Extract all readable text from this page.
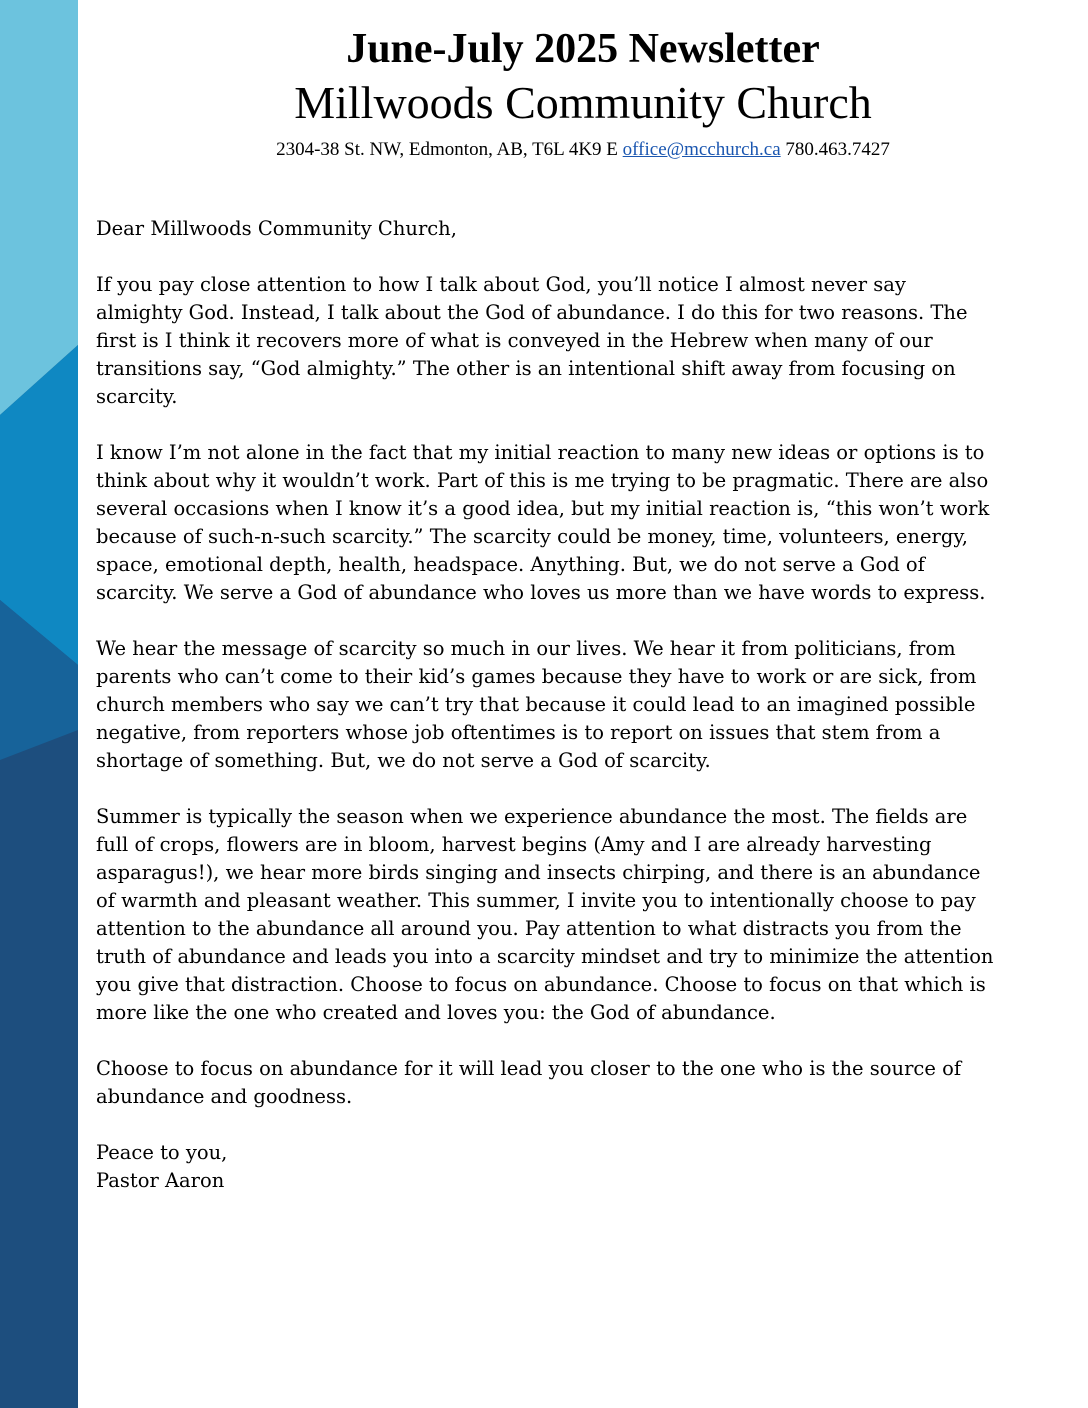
June-July 2025 Newsletter
Millwoods Community Church
2304-38 St. NW, Edmonton, AB, T6L 4K9 E office@mcchurch.ca 780.463.7427

Dear Millwoods Community Church,

If you pay close attention to how I talk about God, you’ll notice I almost never say almighty God. Instead, I talk about the God of abundance. I do this for two reasons. The first is I think it recovers more of what is conveyed in the Hebrew when many of our transitions say, “God almighty.” The other is an intentional shift away from focusing on scarcity.

I know I’m not alone in the fact that my initial reaction to many new ideas or options is to think about why it wouldn’t work. Part of this is me trying to be pragmatic. There are also several occasions when I know it’s a good idea, but my initial reaction is, “this won’t work because of such-n-such scarcity.” The scarcity could be money, time, volunteers, energy, space, emotional depth, health, headspace. Anything. But, we do not serve a God of scarcity. We serve a God of abundance who loves us more than we have words to express.

We hear the message of scarcity so much in our lives. We hear it from politicians, from parents who can’t come to their kid’s games because they have to work or are sick, from church members who say we can’t try that because it could lead to an imagined possible negative, from reporters whose job oftentimes is to report on issues that stem from a shortage of something. But, we do not serve a God of scarcity.

Summer is typically the season when we experience abundance the most. The fields are full of crops, flowers are in bloom, harvest begins (Amy and I are already harvesting asparagus!), we hear more birds singing and insects chirping, and there is an abundance of warmth and pleasant weather. This summer, I invite you to intentionally choose to pay attention to the abundance all around you. Pay attention to what distracts you from the truth of abundance and leads you into a scarcity mindset and try to minimize the attention you give that distraction. Choose to focus on abundance. Choose to focus on that which is more like the one who created and loves you: the God of abundance.

Choose to focus on abundance for it will lead you closer to the one who is the source of abundance and goodness.

Peace to you,

Pastor Aaron
